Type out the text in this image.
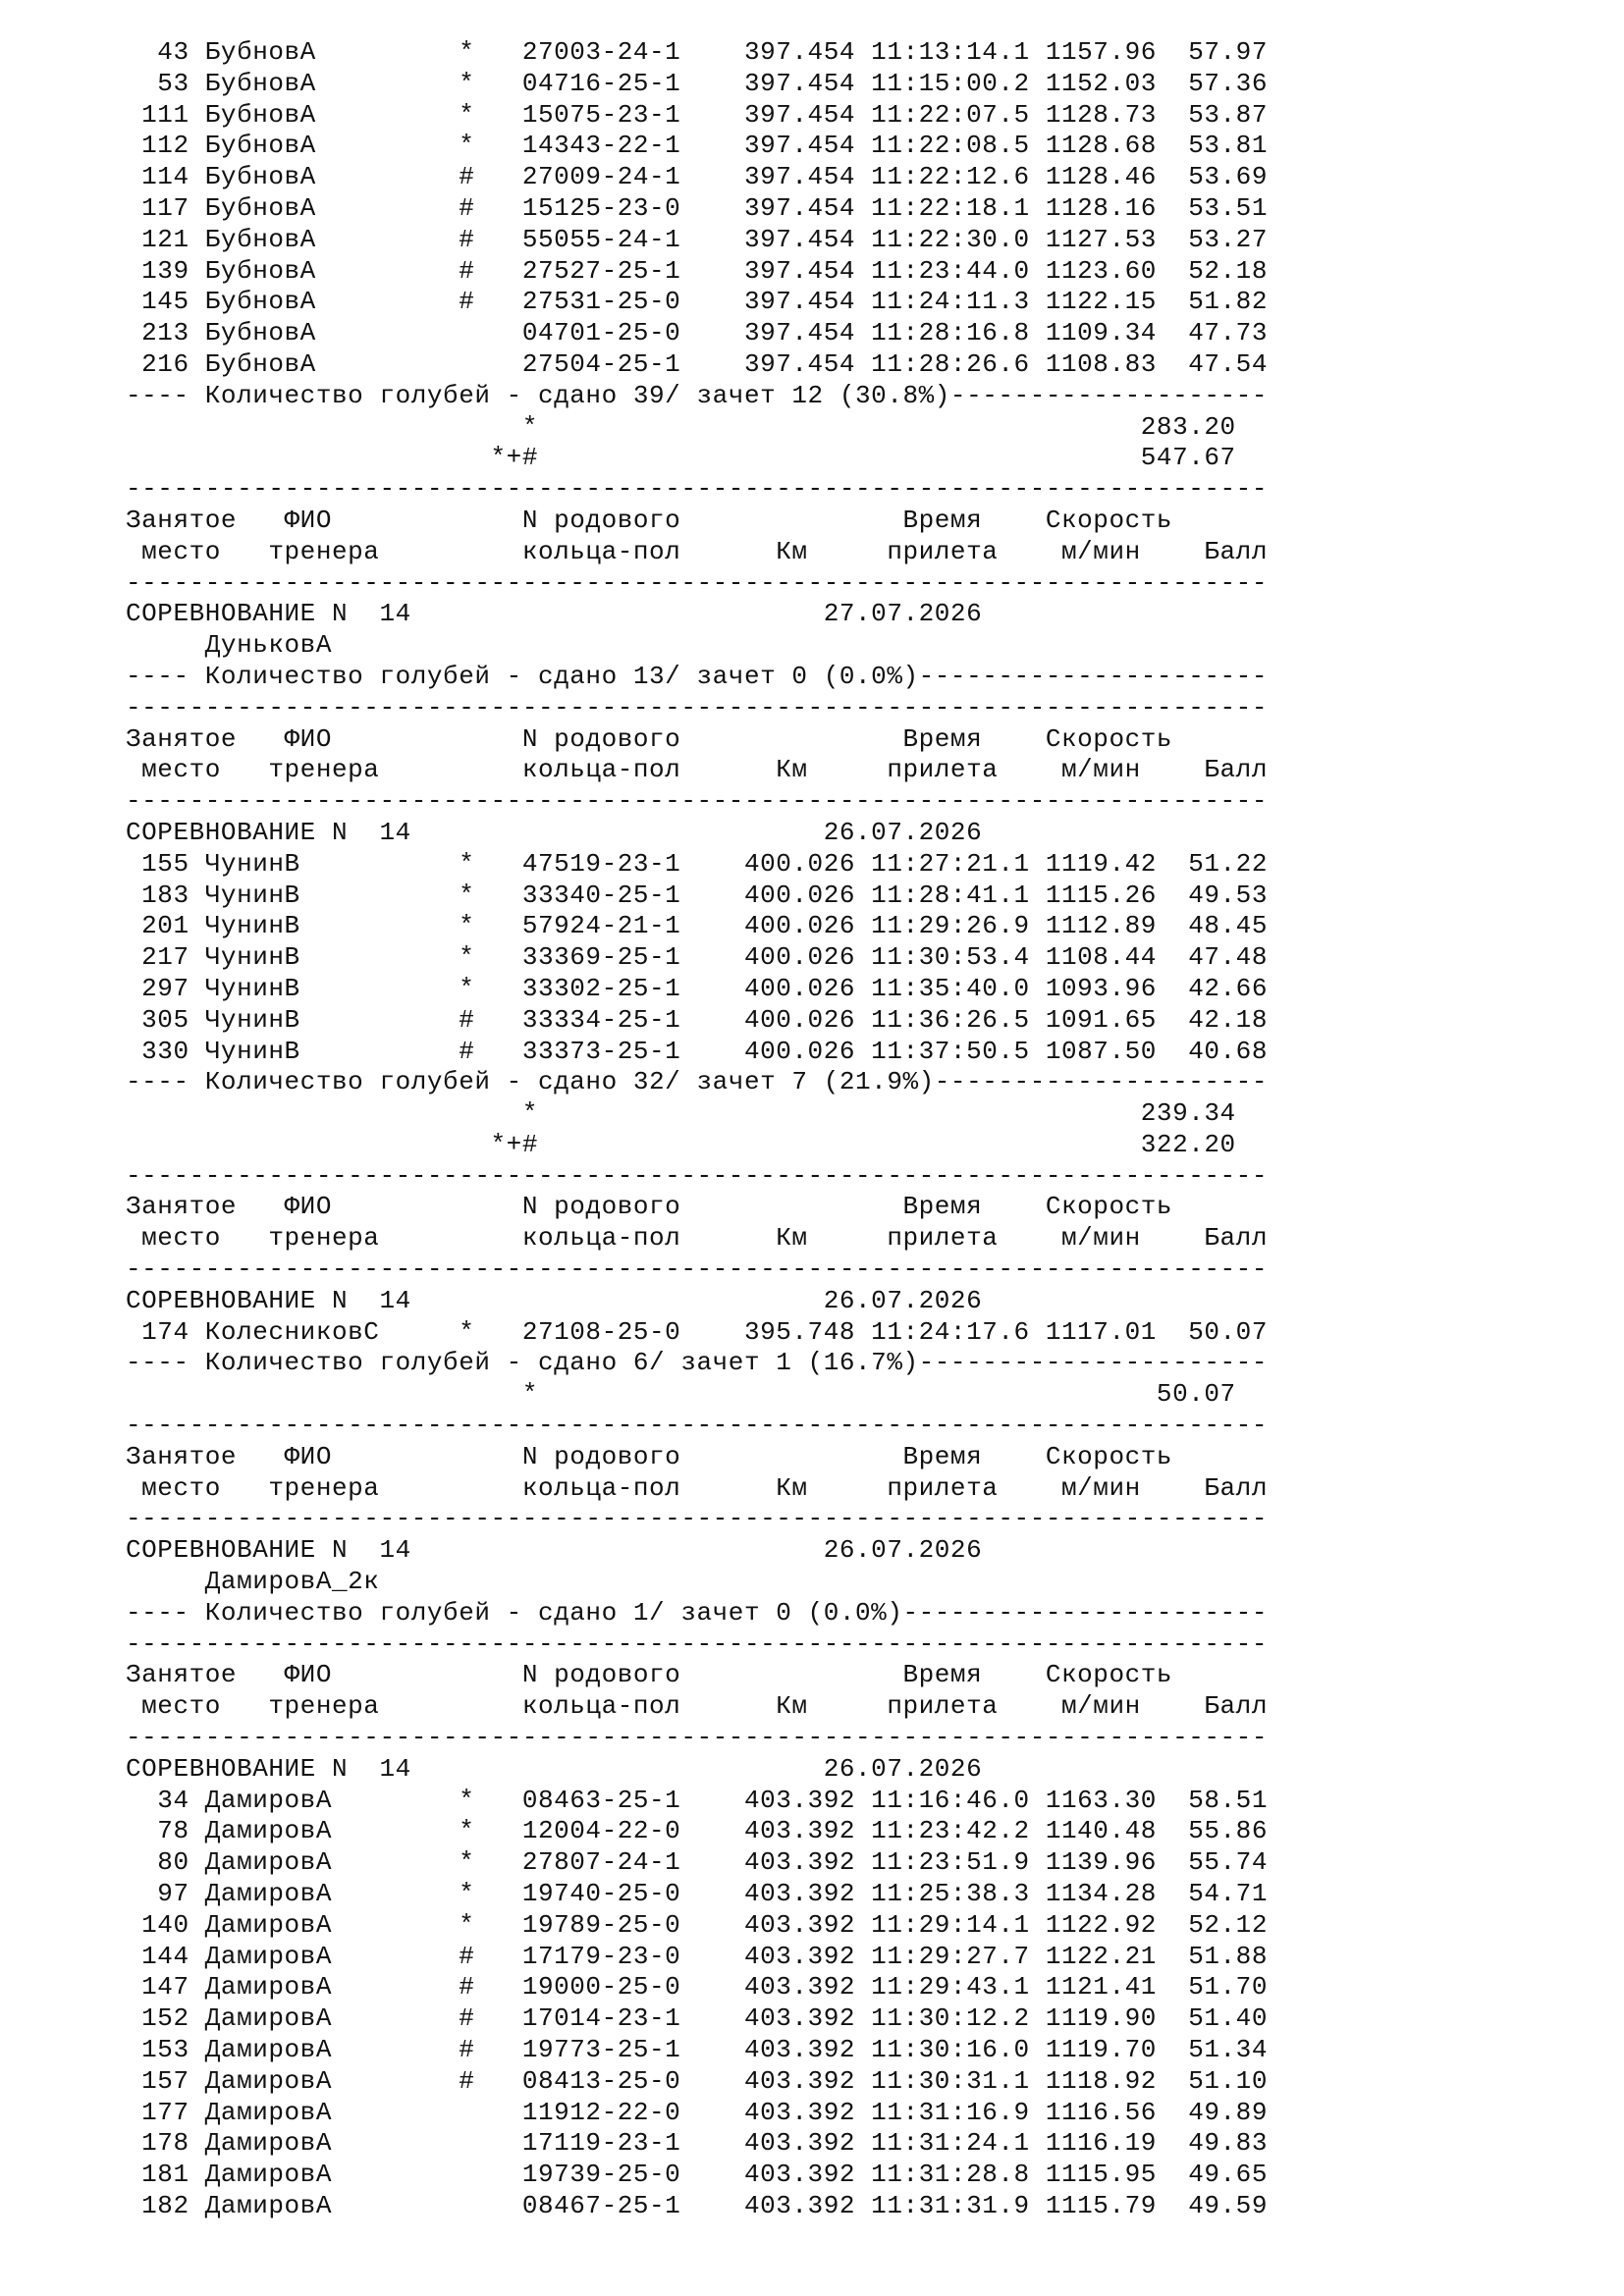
43 БубновА         *   27003-24-1    397.454 11:13:14.1 1157.96  57.97
53 БубновА         *   04716-25-1    397.454 11:15:00.2 1152.03  57.36
111 БубновА         *   15075-23-1    397.454 11:22:07.5 1128.73  53.87
112 БубновА         *   14343-22-1    397.454 11:22:08.5 1128.68  53.81
114 БубновА         #   27009-24-1    397.454 11:22:12.6 1128.46  53.69
117 БубновА         #   15125-23-0    397.454 11:22:18.1 1128.16  53.51
121 БубновА         #   55055-24-1    397.454 11:22:30.0 1127.53  53.27
139 БубновА         #   27527-25-1    397.454 11:23:44.0 1123.60  52.18
145 БубновА         #   27531-25-0    397.454 11:24:11.3 1122.15  51.82
213 БубновА             04701-25-0    397.454 11:28:16.8 1109.34  47.73
216 БубновА             27504-25-1    397.454 11:28:26.6 1108.83  47.54
---- Количество голубей - сдано 39/ зачет 12 (30.8%)--------------------
*                                      283.20
*+#                                      547.67
------------------------------------------------------------------------
Занятое   ФИО            N родового              Время    Скорость
место   тренера         кольца-пол      Км     прилета    м/мин    Балл
------------------------------------------------------------------------
СОРЕВНОВАНИЕ N  14                          27.07.2026
ДуньковА
---- Количество голубей - сдано 13/ зачет 0 (0.0%)----------------------
------------------------------------------------------------------------
Занятое   ФИО            N родового              Время    Скорость
место   тренера         кольца-пол      Км     прилета    м/мин    Балл
------------------------------------------------------------------------
СОРЕВНОВАНИЕ N  14                          26.07.2026
155 ЧунинВ          *   47519-23-1    400.026 11:27:21.1 1119.42  51.22
183 ЧунинВ          *   33340-25-1    400.026 11:28:41.1 1115.26  49.53
201 ЧунинВ          *   57924-21-1    400.026 11:29:26.9 1112.89  48.45
217 ЧунинВ          *   33369-25-1    400.026 11:30:53.4 1108.44  47.48
297 ЧунинВ          *   33302-25-1    400.026 11:35:40.0 1093.96  42.66
305 ЧунинВ          #   33334-25-1    400.026 11:36:26.5 1091.65  42.18
330 ЧунинВ          #   33373-25-1    400.026 11:37:50.5 1087.50  40.68
---- Количество голубей - сдано 32/ зачет 7 (21.9%)---------------------
*                                      239.34
*+#                                      322.20
------------------------------------------------------------------------
Занятое   ФИО            N родового              Время    Скорость
место   тренера         кольца-пол      Км     прилета    м/мин    Балл
------------------------------------------------------------------------
СОРЕВНОВАНИЕ N  14                          26.07.2026
174 КолесниковС     *   27108-25-0    395.748 11:24:17.6 1117.01  50.07
---- Количество голубей - сдано 6/ зачет 1 (16.7%)----------------------
*                                       50.07
------------------------------------------------------------------------
Занятое   ФИО            N родового              Время    Скорость
место   тренера         кольца-пол      Км     прилета    м/мин    Балл
------------------------------------------------------------------------
СОРЕВНОВАНИЕ N  14                          26.07.2026
ДамировА_2к
---- Количество голубей - сдано 1/ зачет 0 (0.0%)-----------------------
------------------------------------------------------------------------
Занятое   ФИО            N родового              Время    Скорость
место   тренера         кольца-пол      Км     прилета    м/мин    Балл
------------------------------------------------------------------------
СОРЕВНОВАНИЕ N  14                          26.07.2026
34 ДамировА        *   08463-25-1    403.392 11:16:46.0 1163.30  58.51
78 ДамировА        *   12004-22-0    403.392 11:23:42.2 1140.48  55.86
80 ДамировА        *   27807-24-1    403.392 11:23:51.9 1139.96  55.74
97 ДамировА        *   19740-25-0    403.392 11:25:38.3 1134.28  54.71
140 ДамировА        *   19789-25-0    403.392 11:29:14.1 1122.92  52.12
144 ДамировА        #   17179-23-0    403.392 11:29:27.7 1122.21  51.88
147 ДамировА        #   19000-25-0    403.392 11:29:43.1 1121.41  51.70
152 ДамировА        #   17014-23-1    403.392 11:30:12.2 1119.90  51.40
153 ДамировА        #   19773-25-1    403.392 11:30:16.0 1119.70  51.34
157 ДамировА        #   08413-25-0    403.392 11:30:31.1 1118.92  51.10
177 ДамировА            11912-22-0    403.392 11:31:16.9 1116.56  49.89
178 ДамировА            17119-23-1    403.392 11:31:24.1 1116.19  49.83
181 ДамировА            19739-25-0    403.392 11:31:28.8 1115.95  49.65
182 ДамировА            08467-25-1    403.392 11:31:31.9 1115.79  49.59
